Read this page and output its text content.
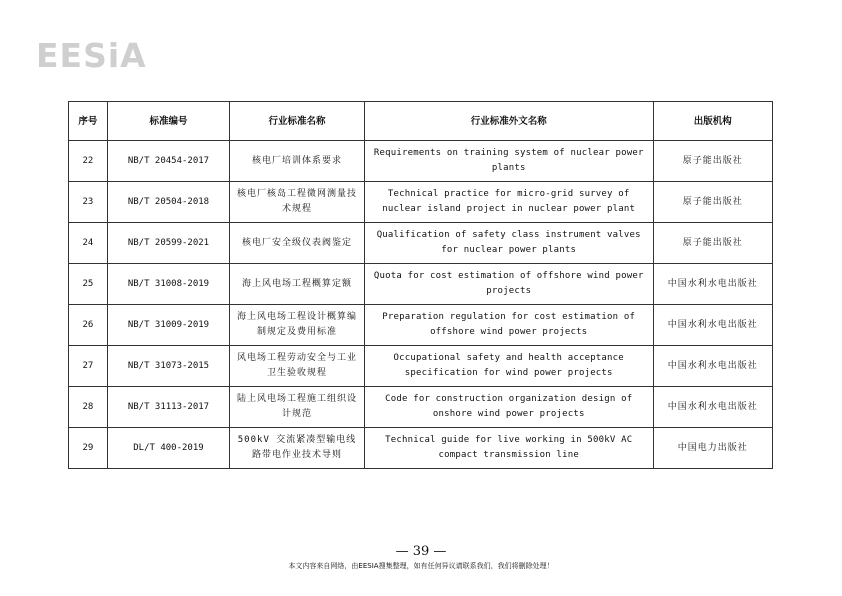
EESiA
序号	标准编号	行业标准名称	行业标准外文名称	出版机构
22	NB/T 20454-2017	核电厂培训体系要求	Requirements on training system of nuclear power plants	原子能出版社
23	NB/T 20504-2018	核电厂核岛工程微网测量技术规程	Technical practice for micro-grid survey of nuclear island project in nuclear power plant	原子能出版社
24	NB/T 20599-2021	核电厂安全级仪表阀鉴定	Qualification of safety class instrument valves for nuclear power plants	原子能出版社
25	NB/T 31008-2019	海上风电场工程概算定额	Quota for cost estimation of offshore wind power projects	中国水利水电出版社
26	NB/T 31009-2019	海上风电场工程设计概算编制规定及费用标准	Preparation regulation for cost estimation of offshore wind power projects	中国水利水电出版社
27	NB/T 31073-2015	风电场工程劳动安全与工业卫生验收规程	Occupational safety and health acceptance specification for wind power projects	中国水利水电出版社
28	NB/T 31113-2017	陆上风电场工程施工组织设计规范	Code for construction organization design of onshore wind power projects	中国水利水电出版社
29	DL/T 400-2019	500kV 交流紧凑型输电线路带电作业技术导则	Technical guide for live working in 500kV AC compact transmission line	中国电力出版社
— 39 —
本文内容来自网络，由EESIA搜集整理，如有任何异议请联系我们，我们将删除处理！
